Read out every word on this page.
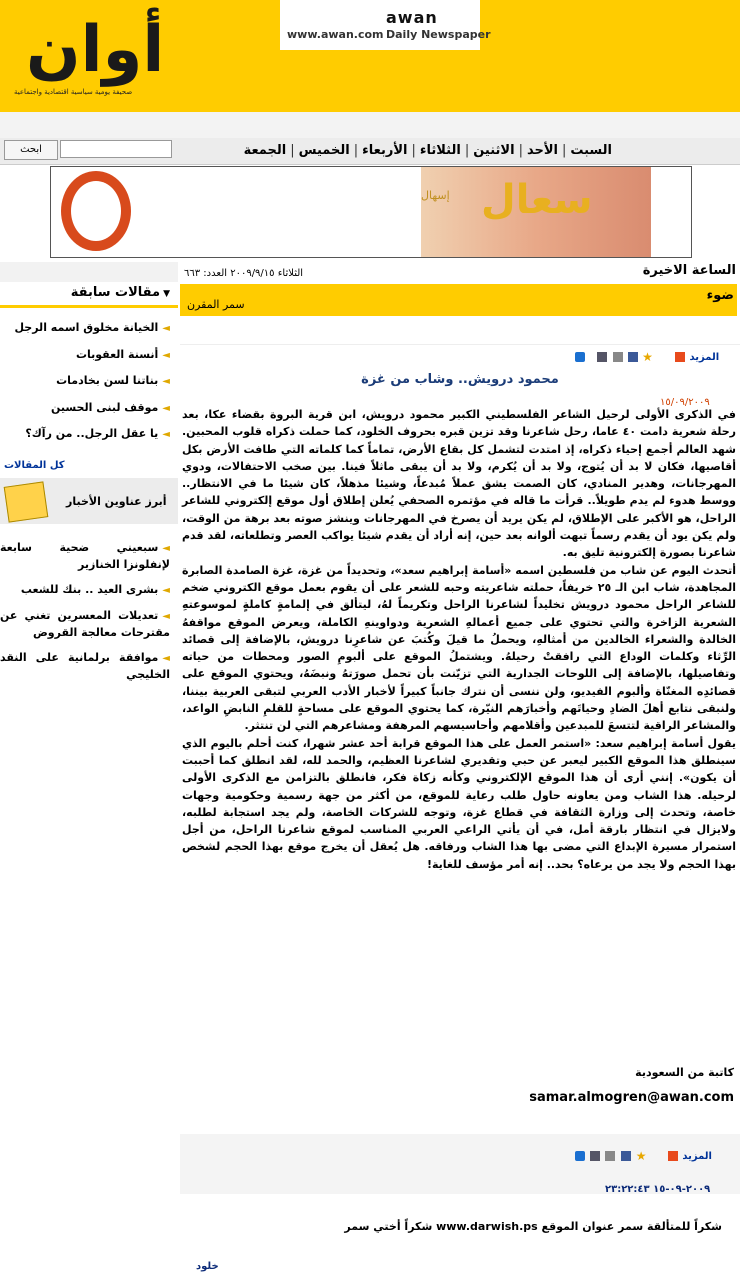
awan
Daily Newspaper
www.awan.com
أوان
صحيفة يومية سياسية اقتصادية واجتماعية
ابحث	السبت|الأحد|الاثنين|الثلاثاء|الأربعاء|الخميس|الجمعة
سعال
إسهال
الساعة الاخيرة
الثلاثاء ٢٠٠٩/٩/١٥ العدد: ٦٦٣
ضوء
سمر المقرن
المزيد   ★
محمود درويش.. وشاب من غزة
١٥/٠٩/٢٠٠٩

في الذكرى الأولى لرحيل الشاعر الفلسطيني الكبير محمود درويش، ابن قرية البروة بقضاء عكا، بعد رحلة شعرية دامت ٤٠ عاما، رحل شاعرنا وقد تزين قبره بحروف الخلود، كما حملت ذكراه قلوب المحبين. شهد العالم أجمع إحياء ذكراه، إذ امتدت لتشمل كل بقاع الأرض، تماماً كما كلماته التي طافت الأرض بكل أقاصيها، فكان لا بد أن يُتوج، ولا بد أن يُكرم، ولا بد أن يبقى ماثلاً فينا. بين صخب الاحتفالات، ودوي المهرجانات، وهدير المنادي، كان الصمت يشق عملاً مُبدعاً، وشيئا مذهلاً، كان شيئا ما في الانتظار.. ووسط هدوء لم يدم طويلاً.. قرأت ما قاله في مؤتمره الصحفي يُعلن إطلاق أول موقع إلكتروني للشاعر الراحل، هو الأكبر على الإطلاق، لم يكن يريد أن يصرخ في المهرجانات وينشز صوته بعد برهة من الوقت، ولم يكن يود أن يقدم رسماً تبهت ألوانه بعد حين، إنه أراد أن يقدم شيئا يواكب العصر وتطلعاته، لقد قدم شاعرنا بصورة إلكترونية تليق به.

أتحدث اليوم عن شاب من فلسطين اسمه «أسامة إبراهيم سعد»، وتحديداً من غزة، غزة الصامدة الصابرة المجاهدة، شاب ابن الـ ٢٥ خريفاً، حملته شاعريته وحبه للشعر على أن يقوم بعمل موقع الكتروني ضخم للشاعر الراحل محمود درويش تخليداً لشاعرنا الراحل وتكريماً لهُ، ليتألق في إلمامةٍ كاملةٍ لموسوعتهِ الشعرية الزاخرة والتي تحتوي على جميع أعمالهِ الشعرية ودواوينهِ الكاملة، ويعرض الموقع مواقفهُ الخالدة والشعراء الخالدين من أمثالهِ، ويحملُ ما قيلَ وكُتبَ عن شاعرِنا درويش، بالإضافة إلى قصائد الرِّثاء وكلمات الوداع التي رافقتْ رحيلهُ. ويشتملُ الموقع على ألبومِ الصور ومحطات من حياته وتفاصيلها، بالإضافة إلى اللوحات الجدارية التي تزيّنت بأن تحمل صورَتهُ ونبضَهُ، ويحتوي الموقع على قصائدِه المغنّاة وألبوم الفيديو، ولن ننسى أن نترك جانباً كبيراً لأخبار الأدب العربي لتبقى العربية بيننا، ولنبقى نتابع أهلَ الضادِ وحياتَهم وأخبارَهم النيّرة، كما يحتوي الموقع على مساحةٍ للقلمِ النابضِ الواعد، والمشاعر الراقية لتتسعَ للمبدعين وأقلامهم وأحاسيسهم المرهفة ومشاعرهم التي لن تنتثر.

يقول أسامة إبراهيم سعد: «استمر العمل على هذا الموقع قرابة أحد عشر شهرا، كنت أحلم باليوم الذي سينطلق هذا الموقع الكبير ليعبر عن حبي وتقديري لشاعرنا العظيم، والحمد لله، لقد انطلق كما أحببت أن يكون». إنني أرى أن هذا الموقع الإلكتروني وكأنه زكاة فكر، فانطلق بالتزامن مع الذكرى الأولى لرحيله. هذا الشاب ومن يعاونه حاول طلب رعاية للموقع، من أكثر من جهة رسمية وحكومية وجهات خاصة، وتحدث إلى وزارة الثقافة في قطاع غزة، وتوجه للشركات الخاصة، ولم يجد استجابة لطلبه، ولايزال في انتظار بارقة أمل، في أن يأتي الراعي العربي المناسب لموقع شاعرنا الراحل، من أجل استمرار مسيرة الإبداع التي مضى بها هذا الشاب ورفاقه. هل يُعقل أن يخرج موقع بهذا الحجم لشخص بهذا الحجم ولا يجد من يرعاه؟ بحد.. إنه أمر مؤسف للغاية!

كاتبة من السعودية
samar.almogren@awan.com
★	المزيد
٢٠٠٩-٠٩-١٥ ٢٣:٢٢:٤٣
شكراً للمتألقة سمر عنوان الموقع www.darwish.ps شكراً أختي سمر
خلود
▼مقالات سابقة
◄الخيانة مخلوق اسمه الرجل
◄أنسنة العقوبات
◄بناتنا لسن بخادمات
◄موقف لبنى الحسين
◄يا عقل الرجل.. من رآك؟
كل المقالات
أبرز عناوين الأخبار
◄سبعيني ضحية سابعة لإنفلونزا الخنازير
◄بشرى العيد .. بنك للشعب
◄تعديلات المعسرين تغني عن مقترحات معالجة القروض
◄موافقة برلمانية على النقد الخليجي
